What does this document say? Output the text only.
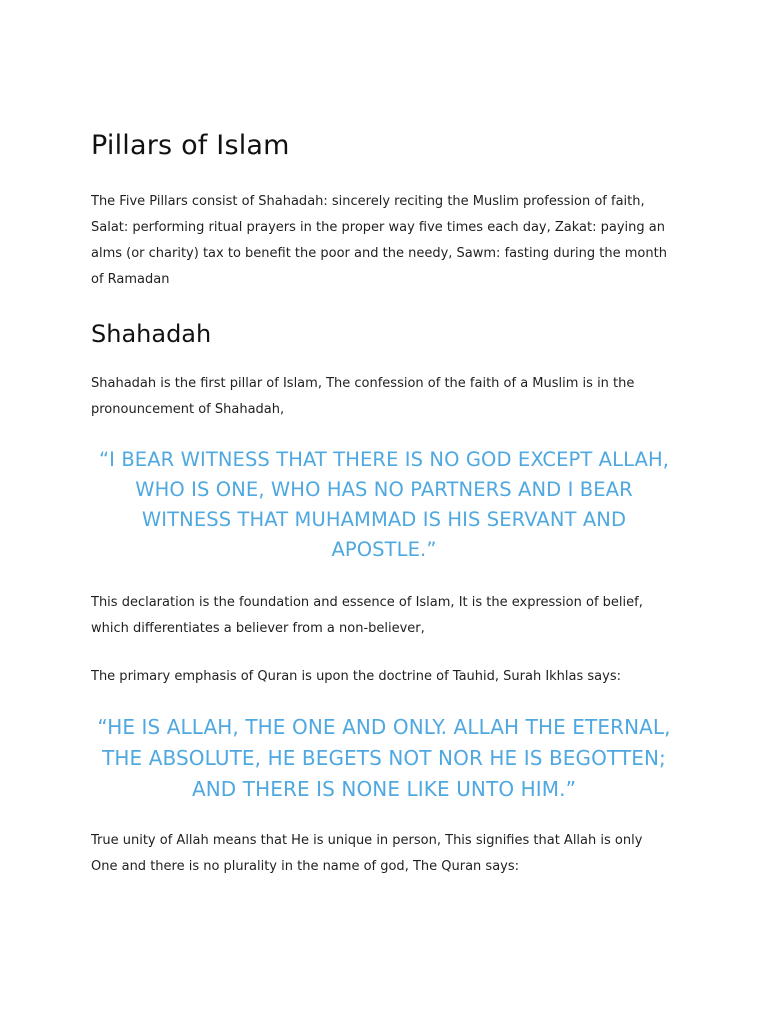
Pillars of Islam

The Five Pillars consist of Shahadah: sincerely reciting the Muslim profession of faith, Salat: performing ritual prayers in the proper way five times each day, Zakat: paying an alms (or charity) tax to benefit the poor and the needy, Sawm: fasting during the month of Ramadan

Shahadah

Shahadah is the first pillar of Islam, The confession of the faith of a Muslim is in the pronouncement of Shahadah,

“I BEAR WITNESS THAT THERE IS NO GOD EXCEPT ALLAH, WHO IS ONE, WHO HAS NO PARTNERS AND I BEAR WITNESS THAT MUHAMMAD IS HIS SERVANT AND APOSTLE.”

This declaration is the foundation and essence of Islam, It is the expression of belief, which differentiates a believer from a non-believer,

The primary emphasis of Quran is upon the doctrine of Tauhid, Surah Ikhlas says:

“HE IS ALLAH, THE ONE AND ONLY. ALLAH THE ETERNAL, THE ABSOLUTE, HE BEGETS NOT NOR HE IS BEGOTTEN; AND THERE IS NONE LIKE UNTO HIM.”

True unity of Allah means that He is unique in person, This signifies that Allah is only One and there is no plurality in the name of god, The Quran says:
